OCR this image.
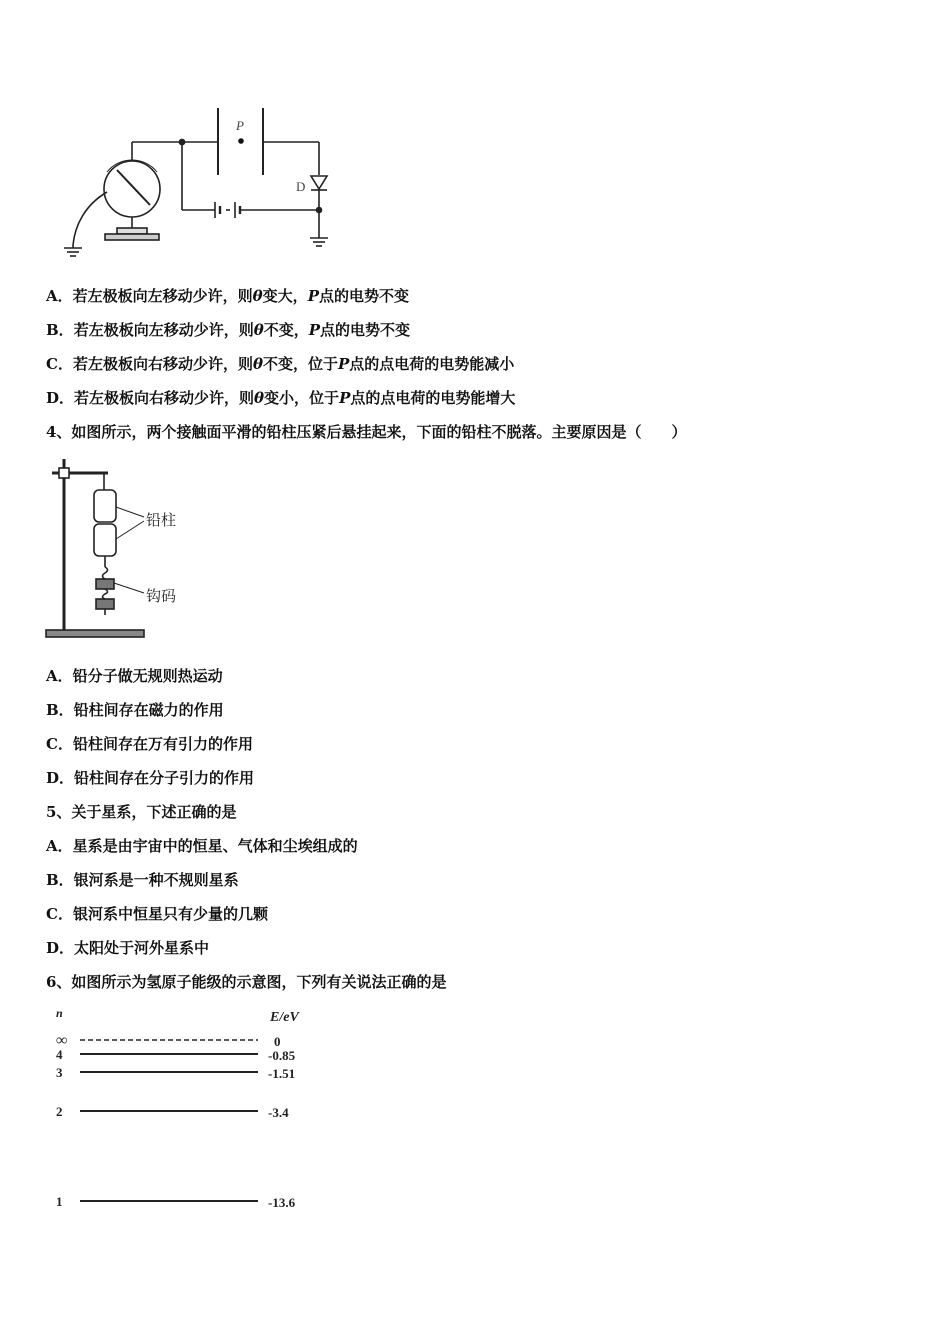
P
D
A．若左极板向左移动少许，则θ变大，P点的电势不变
B．若左极板向左移动少许，则θ不变，P点的电势不变
C．若左极板向右移动少许，则θ不变，位于P点的点电荷的电势能减小
D．若左极板向右移动少许，则θ变小，位于P点的点电荷的电势能增大
4、如图所示，两个接触面平滑的铅柱压紧后悬挂起来，下面的铅柱不脱落。主要原因是（　　）
铅柱
钩码
A．铅分子做无规则热运动
B．铅柱间存在磁力的作用
C．铅柱间存在万有引力的作用
D．铅柱间存在分子引力的作用
5、关于星系，下述正确的是
A．星系是由宇宙中的恒星、气体和尘埃组成的
B．银河系是一种不规则星系
C．银河系中恒星只有少量的几颗
D．太阳处于河外星系中
6、如图所示为氢原子能级的示意图，下列有关说法正确的是
n	E/eV
∞	0
4	-0.85
3	-1.51
2	-3.4
1	-13.6
